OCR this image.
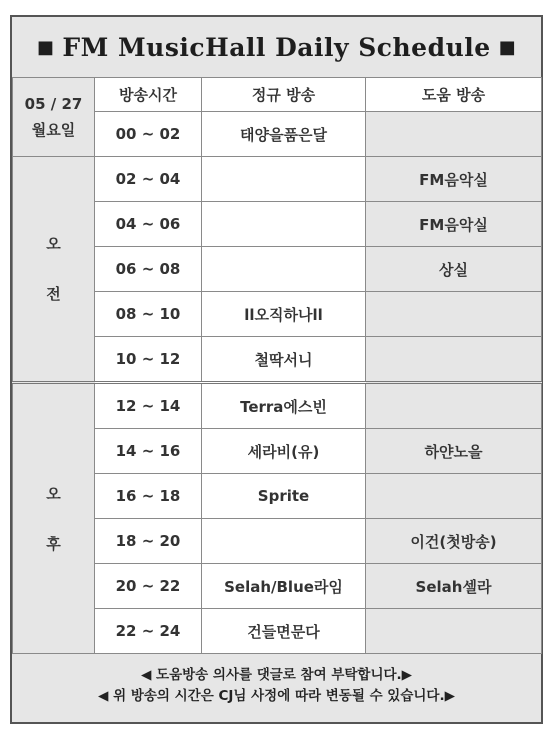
■ FM MusicHall Daily Schedule ■
05 / 27
월요일	방송시간	정규 방송	도움 방송
	00 ~ 02	태양을품은달	

오
전	02 ~ 04		FM음악실
	04 ~ 06		FM음악실
	06 ~ 08		상실
	08 ~ 10	ll오직하나ll	
	10 ~ 12	철딱서니	

오
후	12 ~ 14	Terra에스빈	
	14 ~ 16	세라비(유)	하얀노을
	16 ~ 18	Sprite	
	18 ~ 20		이건(첫방송)
	20 ~ 22	Selah/Blue라임	Selah셀라
	22 ~ 24	건들면문다	
◀ 도움방송 의사를 댓글로 참여 부탁합니다.▶
◀ 위 방송의 시간은 CJ님 사정에 따라 변동될 수 있습니다.▶
